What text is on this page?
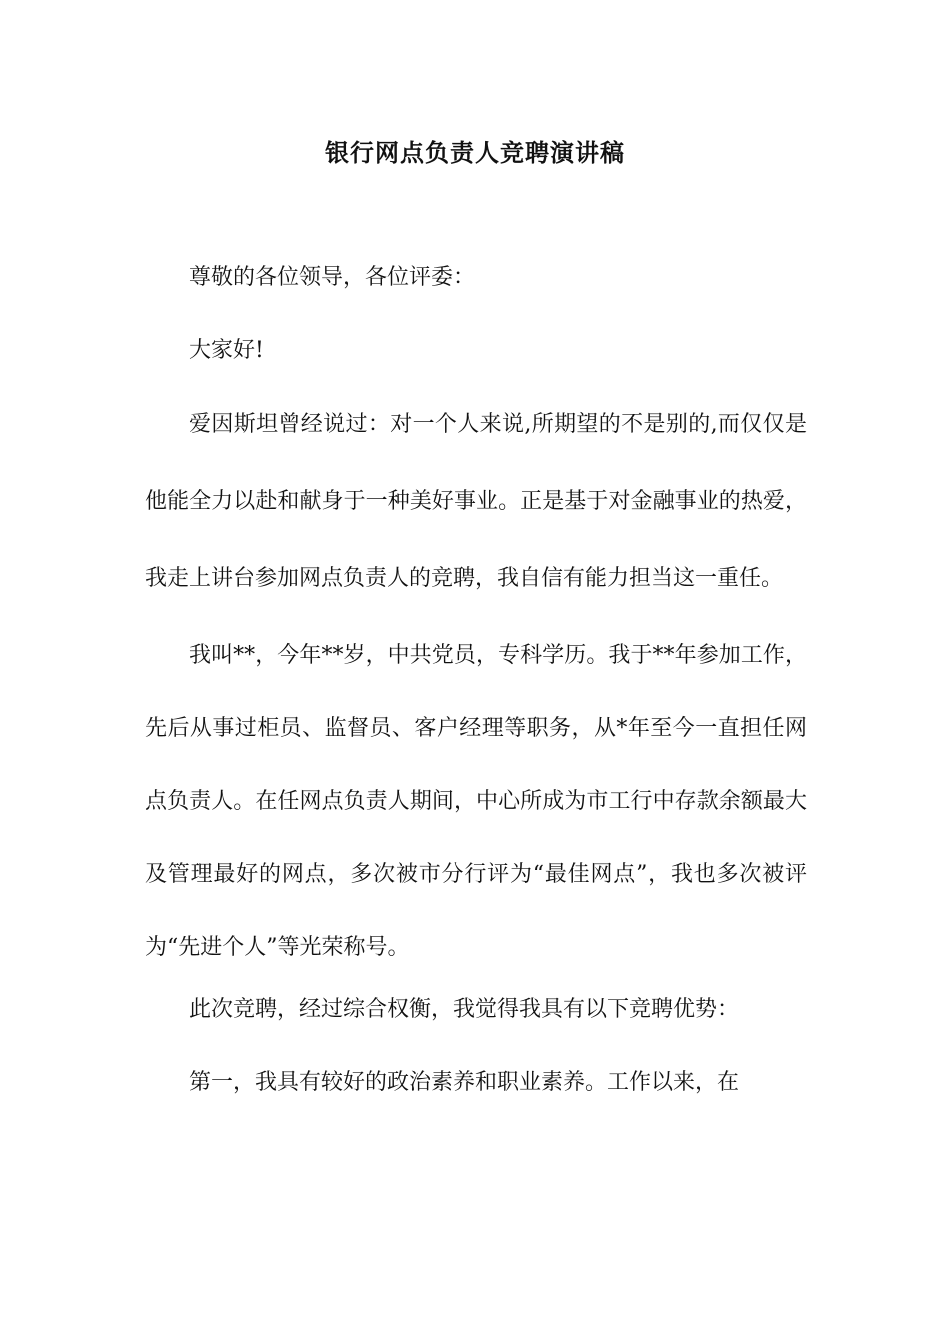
银行网点负责人竞聘演讲稿

尊敬的各位领导，各位评委：

大家好!

爱因斯坦曾经说过：对一个人来说,所期望的不是别的,而仅仅是他能全力以赴和献身于一种美好事业。正是基于对金融事业的热爱，我走上讲台参加网点负责人的竞聘，我自信有能力担当这一重任。

我叫**，今年**岁，中共党员，专科学历。我于**年参加工作，先后从事过柜员、监督员、客户经理等职务，从*年至今一直担任网点负责人。在任网点负责人期间，中心所成为市工行中存款余额最大及管理最好的网点，多次被市分行评为“最佳网点”，我也多次被评为“先进个人”等光荣称号。

此次竞聘，经过综合权衡，我觉得我具有以下竞聘优势：

第一，我具有较好的政治素养和职业素养。工作以来，在
